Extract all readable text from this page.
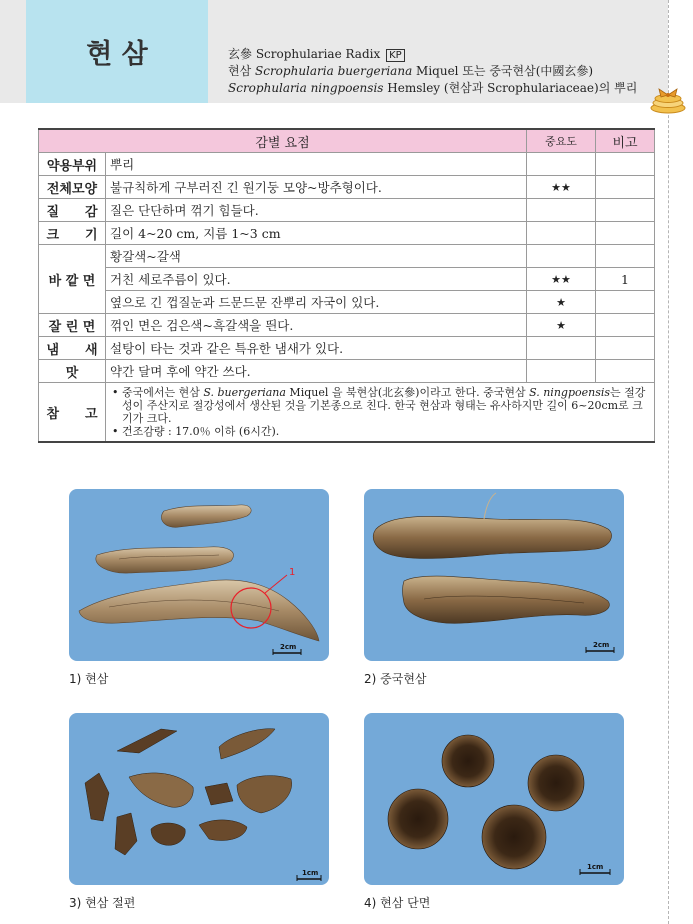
현 삼	玄參 Scrophulariae Radix KP
현삼 Scrophularia buergeriana Miquel 또는 중국현삼(中國玄參)
Scrophularia ningpoensis Hemsley (현삼과 Scrophulariaceae)의 뿌리
감별 요점		중요도	비고
약용부위	뿌리		
전체모양	불규칙하게 구부러진 긴 원기둥 모양~방추형이다.	★★	
질　　감	질은 단단하며 꺾기 힘들다.		
크　　기	길이 4~20 cm, 지름 1~3 cm		
바 깥 면	황갈색~갈색		
	거친 세로주름이 있다.	★★	1
	옆으로 긴 껍질눈과 드문드문 잔뿌리 자국이 있다.	★	
잘 린 면	꺾인 면은 검은색~흑갈색을 띈다.	★	
냄　　새	설탕이 타는 것과 같은 특유한 냄새가 있다.		
맛	약간 달며 후에 약간 쓰다.		
참　　고	• 중국에서는 현삼 S. buergeriana Miquel 을 북현삼(北玄參)이라고 한다. 중국현삼 S. ningpoensis는 절강성이 주산지로 절강성에서 생산된 것을 기본종으로 친다. 한국 현삼과 형태는 유사하지만 길이 6~20cm로 크기가 크다.
• 건조감량 : 17.0％ 이하 (6시간).		
1
2cm	2cm
1cm
1cm
1) 현삼	2) 중국현삼
3) 현삼 절편	4) 현삼 단면
